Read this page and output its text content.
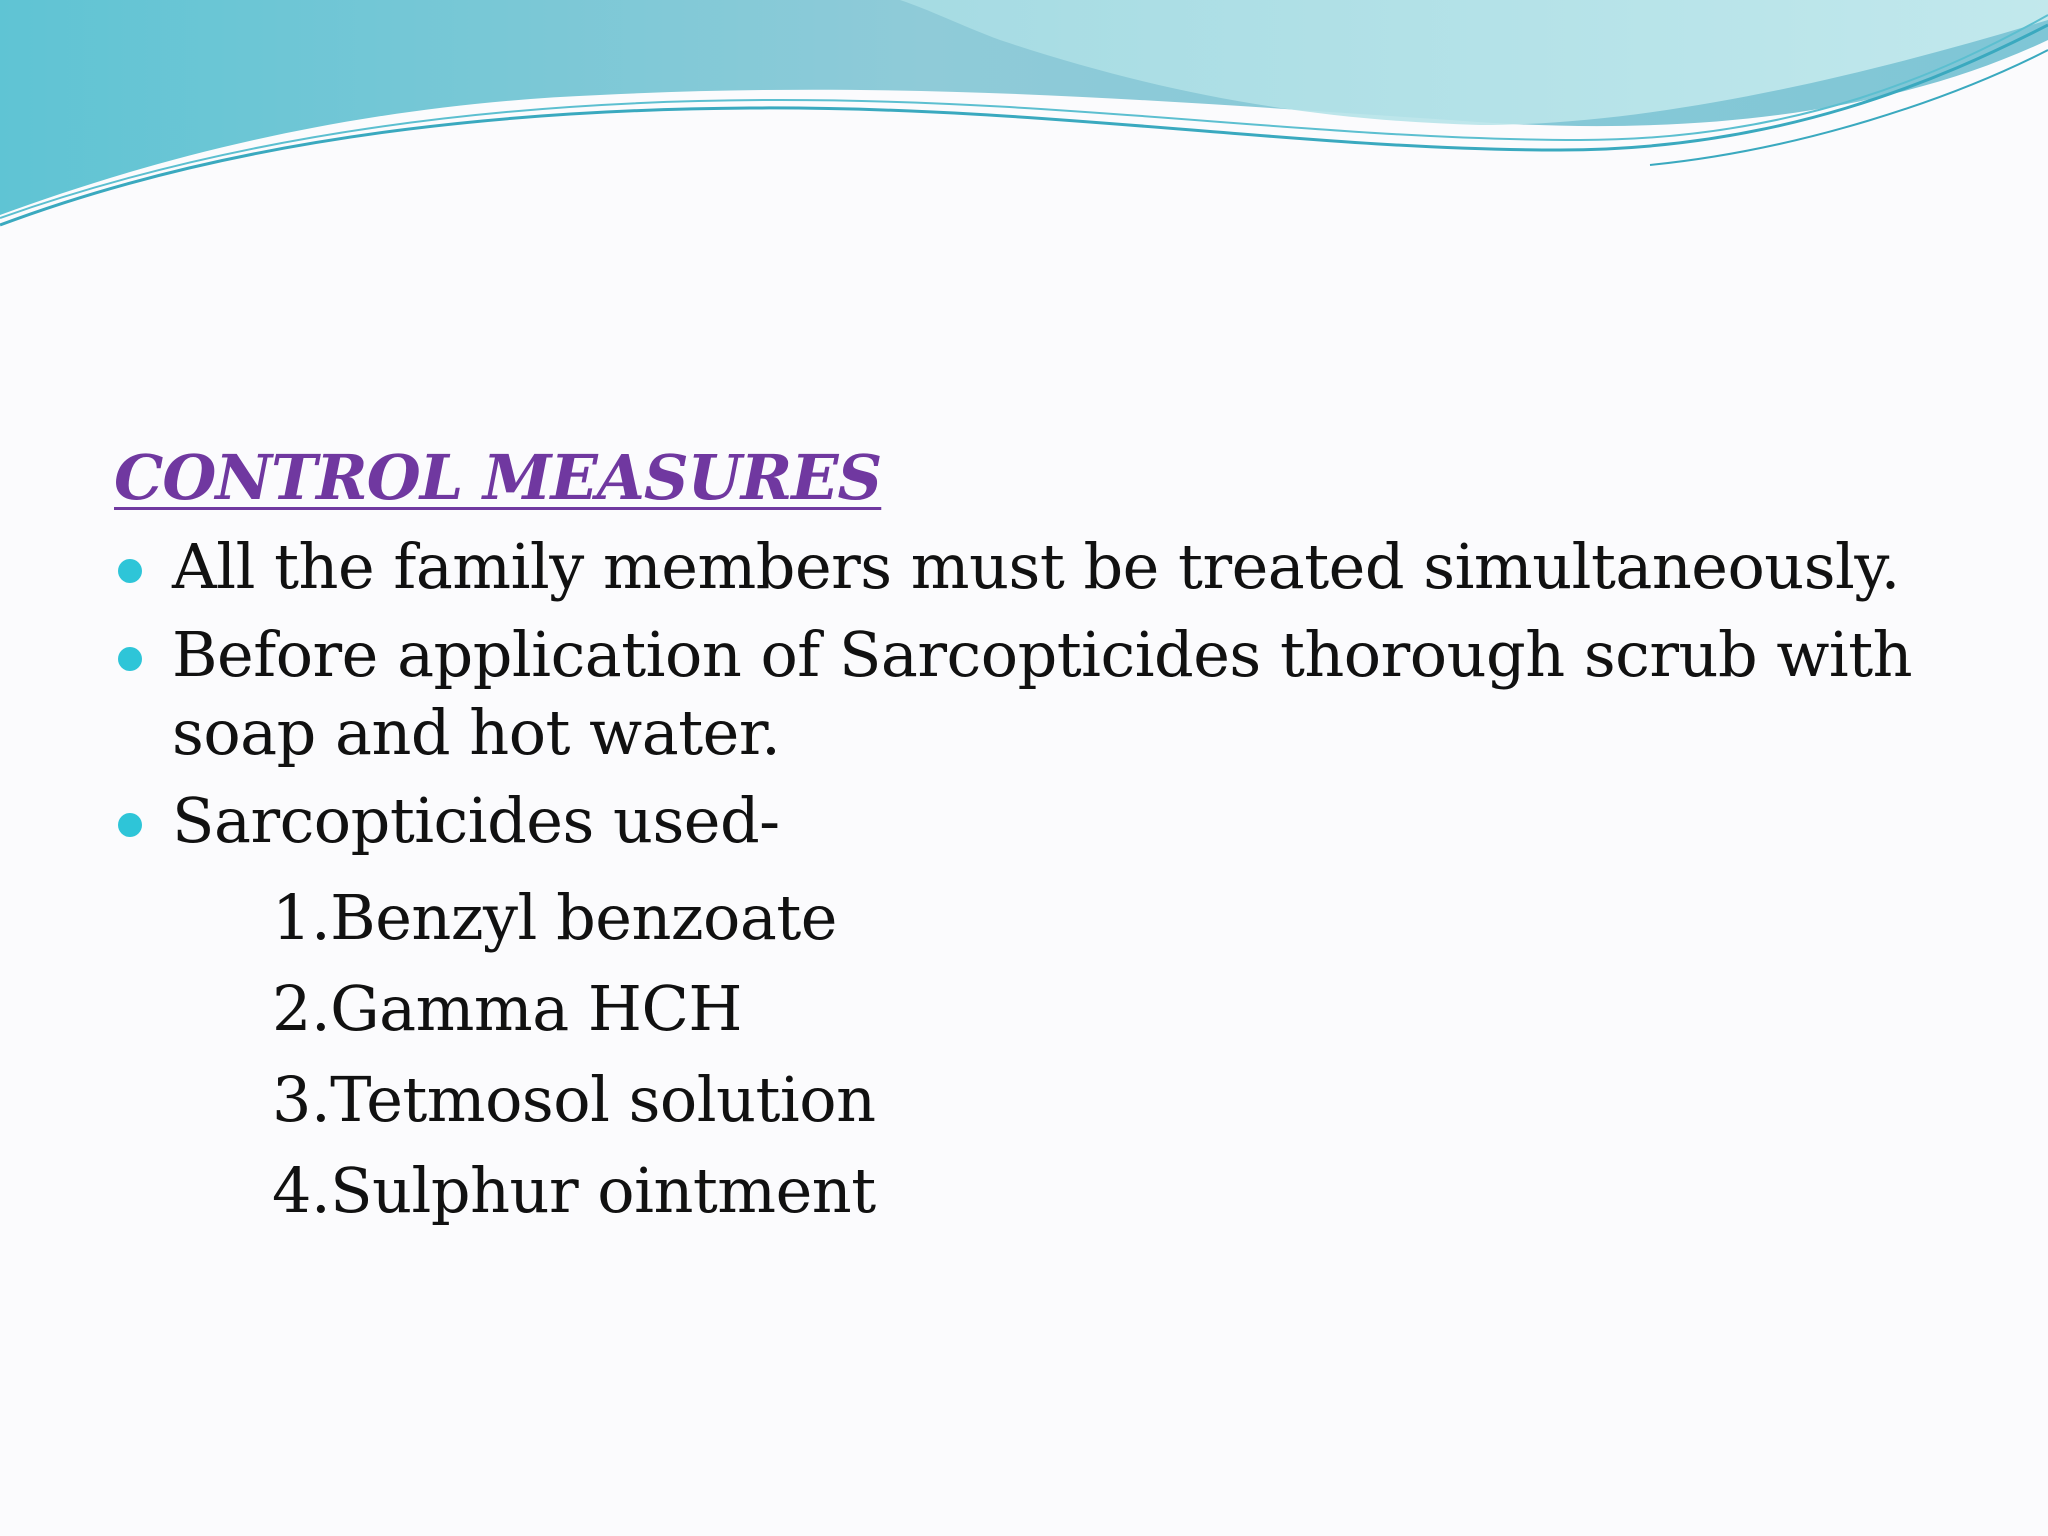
CONTROL MEASURES
All the family members must be treated simultaneously.
Before application of Sarcopticides thorough scrub with soap and hot water.
Sarcopticides used-
1.Benzyl benzoate
2.Gamma HCH
3.Tetmosol solution
4.Sulphur ointment
